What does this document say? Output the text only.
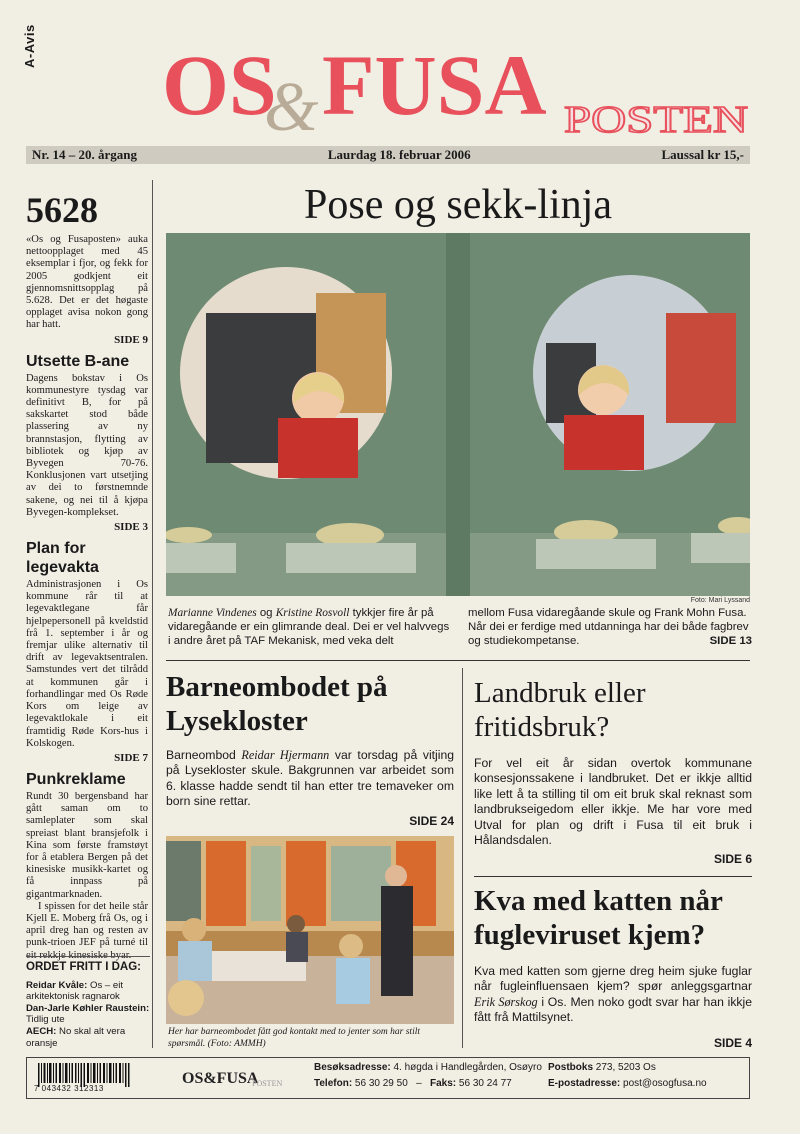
A-Avis OS
& FUSA POSTEN
Nr. 14 – 20. årgang	Laurdag 18. februar 2006	Laussal kr 15,-

5628

«Os og Fusaposten» auka nettoopplaget med 45 eksemplar i fjor, og fekk for 2005 godkjent eit gjennomsnittsopplag på 5.628. Det er det høgaste opplaget avisa nokon gong har hatt.

SIDE 9

Utsette B-ane

Dagens bokstav i Os kommunestyre tysdag var definitivt B, for på sakskartet stod både plassering av ny brannstasjon, flytting av bibliotek og kjøp av Byvegen 70-76. Konklusjonen vart utsetjing av dei to førstnemnde sakene, og nei til å kjøpa Byvegen-komplekset.

SIDE 3

Plan for legevakta

Administrasjonen i Os kommune rår til at legevaktlegane får hjelpepersonell på kveldstid frå 1. september i år og fremjar ulike alternativ til drift av legevaktsentralen. Samstundes vert det tilrådd at kommunen går i forhandlingar med Os Røde Kors om leige av legevaktlokale i eit framtidig Røde Kors-hus i Kolskogen.

SIDE 7

Punkreklame

Rundt 30 bergensband har gått saman om to samleplater som skal spreiast blant bransjefolk i Kina som første framstøyt for å etablera Bergen på det kinesiske musikk-kartet og få innpass på gigantmarknaden.

I spissen for det heile står Kjell E. Moberg frå Os, og i april dreg han og resten av punk-trioen JEF på turné til

ORDET FRITT I DAG:

Reidar Kvåle: Os – eit arkitektonisk ragnarok

Dan-Jarle Køhler Raustein: Tidlig ute

AECH: No skal alt vera oransje

Pose og sekk-linja
Foto: Mari Lyssand
Marianne Vindenes og Kristine Rosvoll tykkjer fire år på vidaregåande er ein glimrande deal. Dei er vel halvvegs i andre året på TAF Mekanisk, med veka delt
mellom Fusa vidaregåande skule og Frank Mohn Fusa. Når dei er ferdige med utdanninga har dei både fagbrev og studiekompetanse.	SIDE 13

Barneombodet på Lysekloster

Barneombod Reidar Hjermann var torsdag på vitjing på Lysekloster skule. Bakgrunnen var arbeidet som 6. klasse hadde sendt til han etter tre temaveker om born sine rettar.

SIDE 24

Her har barneombodet fått god kontakt med to jenter som har stilt spørsmål. (Foto: AMMH)

Landbruk eller fritidsbruk?

For vel eit år sidan overtok kommunane konsesjonssakene i landbruket. Det er ikkje alltid like lett å ta stilling til om eit bruk skal reknast som landbrukseigedom eller ikkje. Me har vore med Utval for plan og drift i Fusa til eit bruk i Hålandsdalen.

SIDE 6

Kva med katten når fugleviruset kjem?

Kva med katten som gjerne dreg heim sjuke fuglar når fugleinfluensaen kjem? spør anleggsgartnar Erik Sørskog i Os. Men noko godt svar har han ikkje fått frå Mattilsynet.

SIDE 4

7 043432 312313
OS&FUSA
POSTEN
Besøksadresse: 4. høgda i Handlegården, Osøyro
Telefon: 56 30 29 50 – Faks: 56 30 24 77
Postboks 273, 5203 Os
E-postadresse: post@osogfusa.no
